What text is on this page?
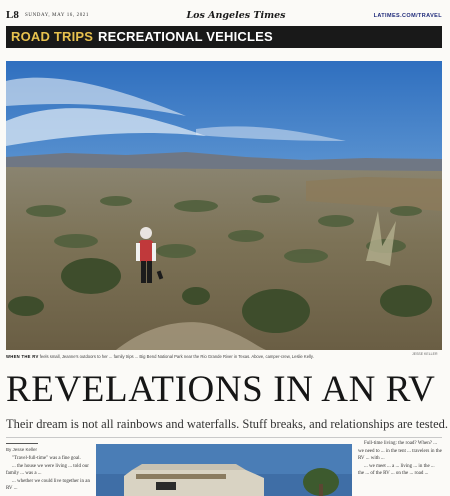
L8 SUNDAY, MAY 16, 2021	Los Angeles Times	LATIMES.COM/TRAVEL
ROAD TRIPS RECREATIONAL VEHICLES
JESSE KELLER
WHEN THE RV feels small, Jeanne's outdoors to her ... family trips ... Big Bend National Park near the Rio Grande River in Texas. Above, camper-crew, Leslie Kelly.
REVELATIONS IN AN RV
Their dream is not all rainbows and waterfalls. Stuff breaks, and relationships are tested.
By Jesse Keller

"Travel-full-time" was a fine goal.

... the house we were living ... told our family ... was a ...

... whether we could live together in an RV ...

Full-time living: the road? When? ... we need to ... in the tent ... travelers in the RV ... with ...

... we meet ... a ... living ... in the ... the ... of the RV ... on the ... road ...
